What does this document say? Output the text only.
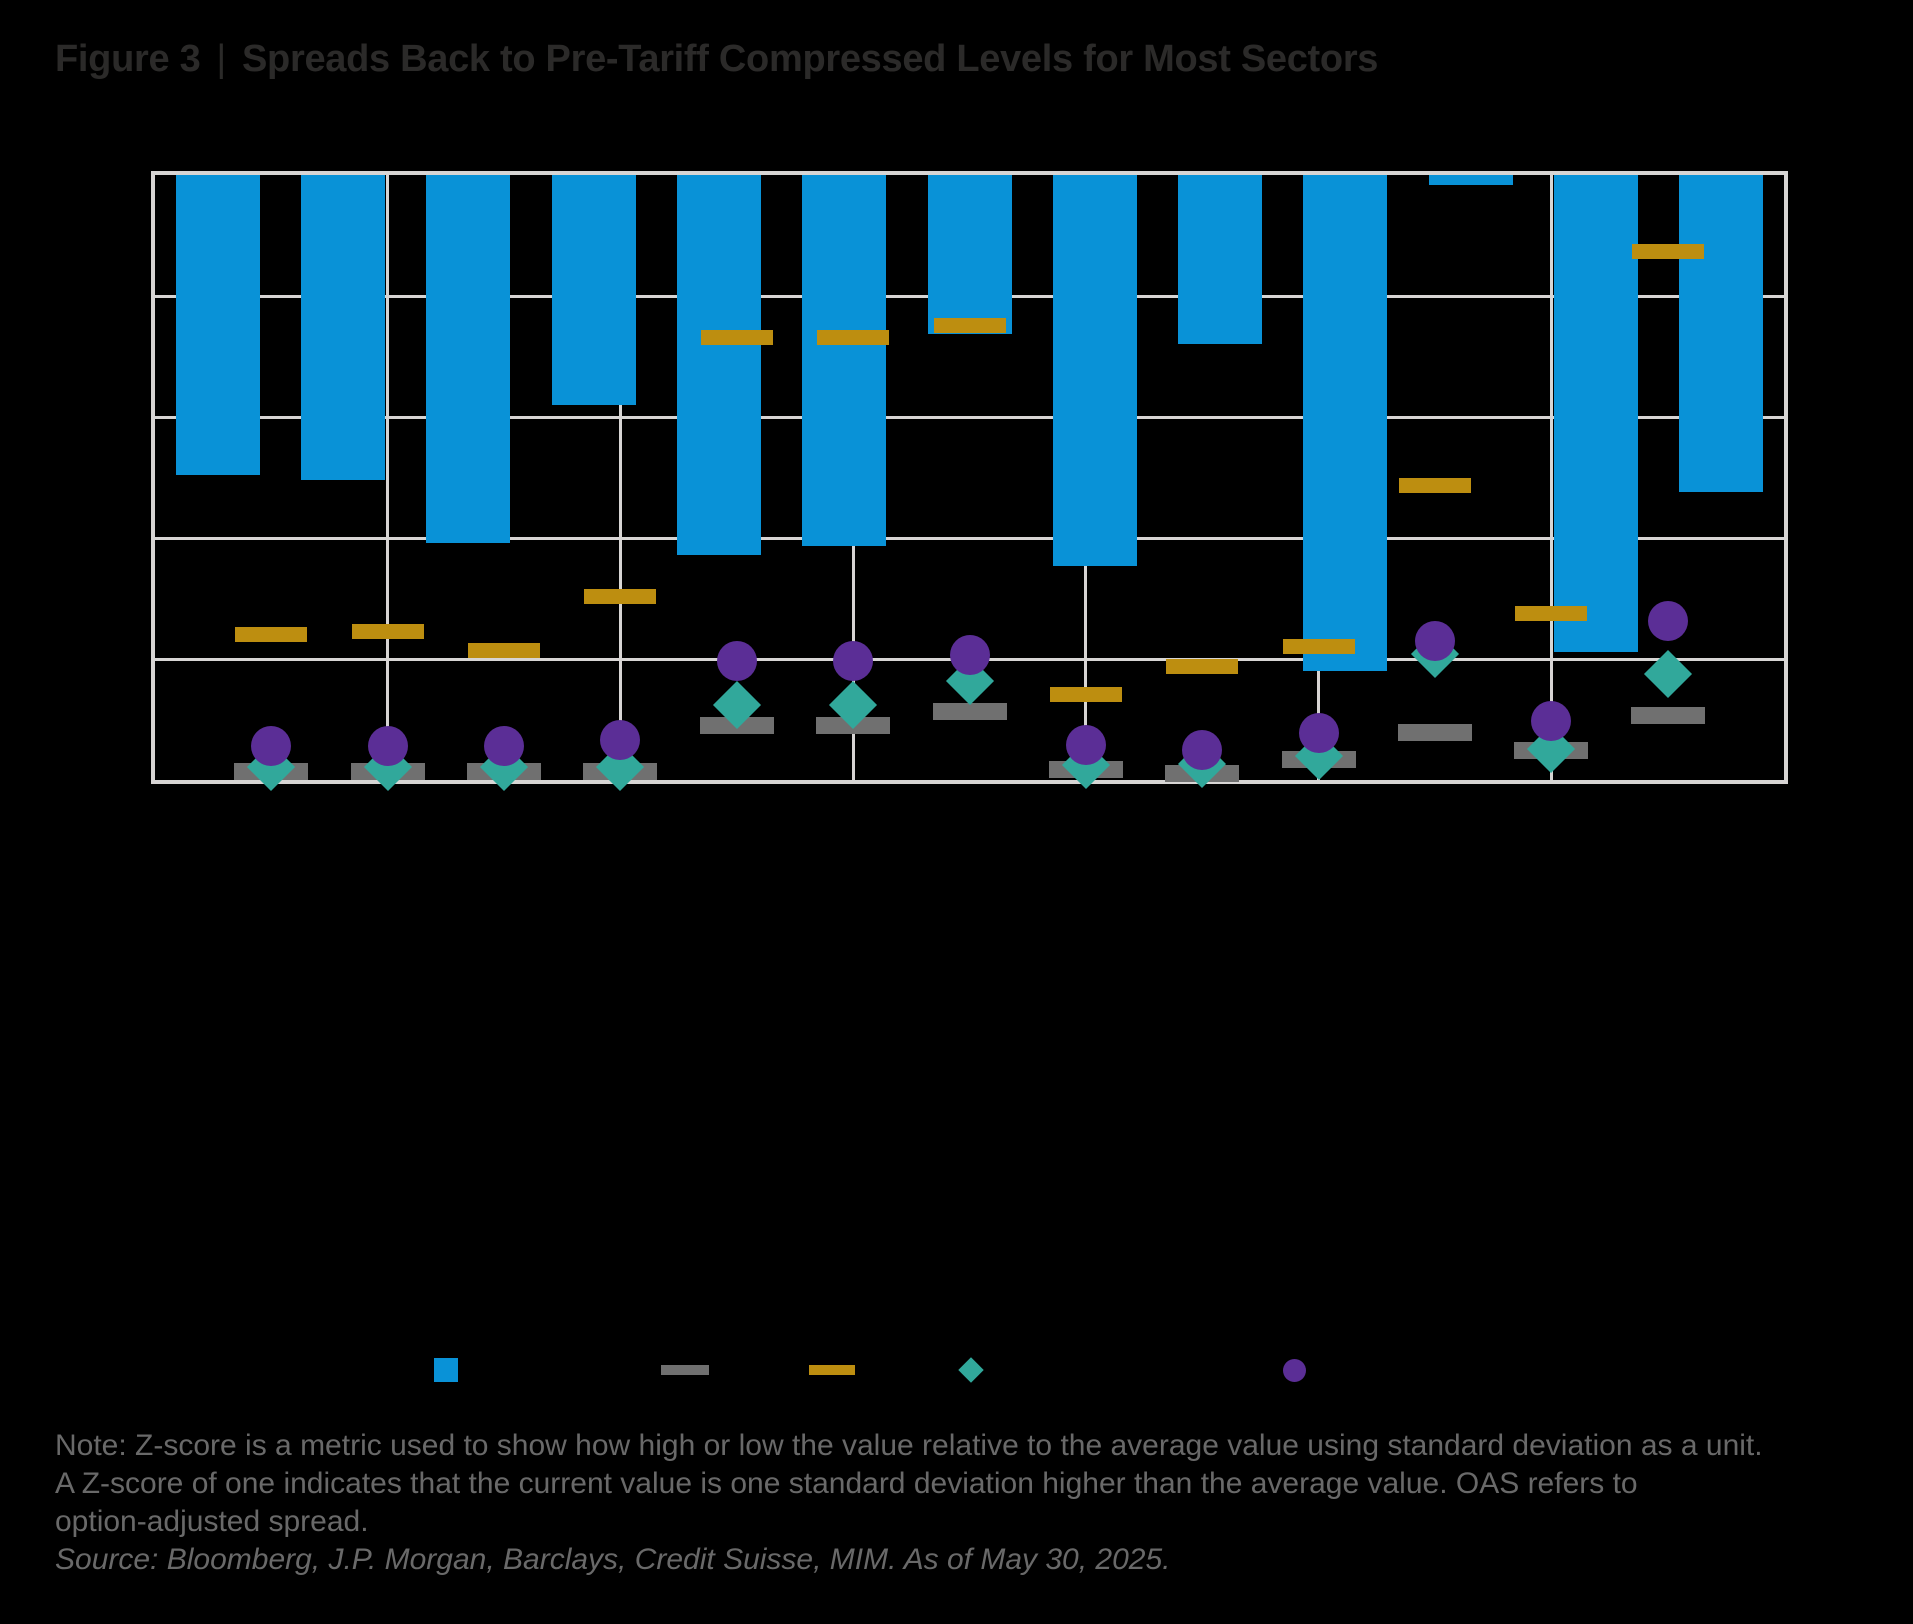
Figure 3 | Spreads Back to Pre-Tariff Compressed Levels for Most Sectors
Note: Z-score is a metric used to show how high or low the value relative to the average value using standard deviation as a unit.
A Z-score of one indicates that the current value is one standard deviation higher than the average value. OAS refers to
option-adjusted spread.
Source: Bloomberg, J.P. Morgan, Barclays, Credit Suisse, MIM. As of May 30, 2025.
